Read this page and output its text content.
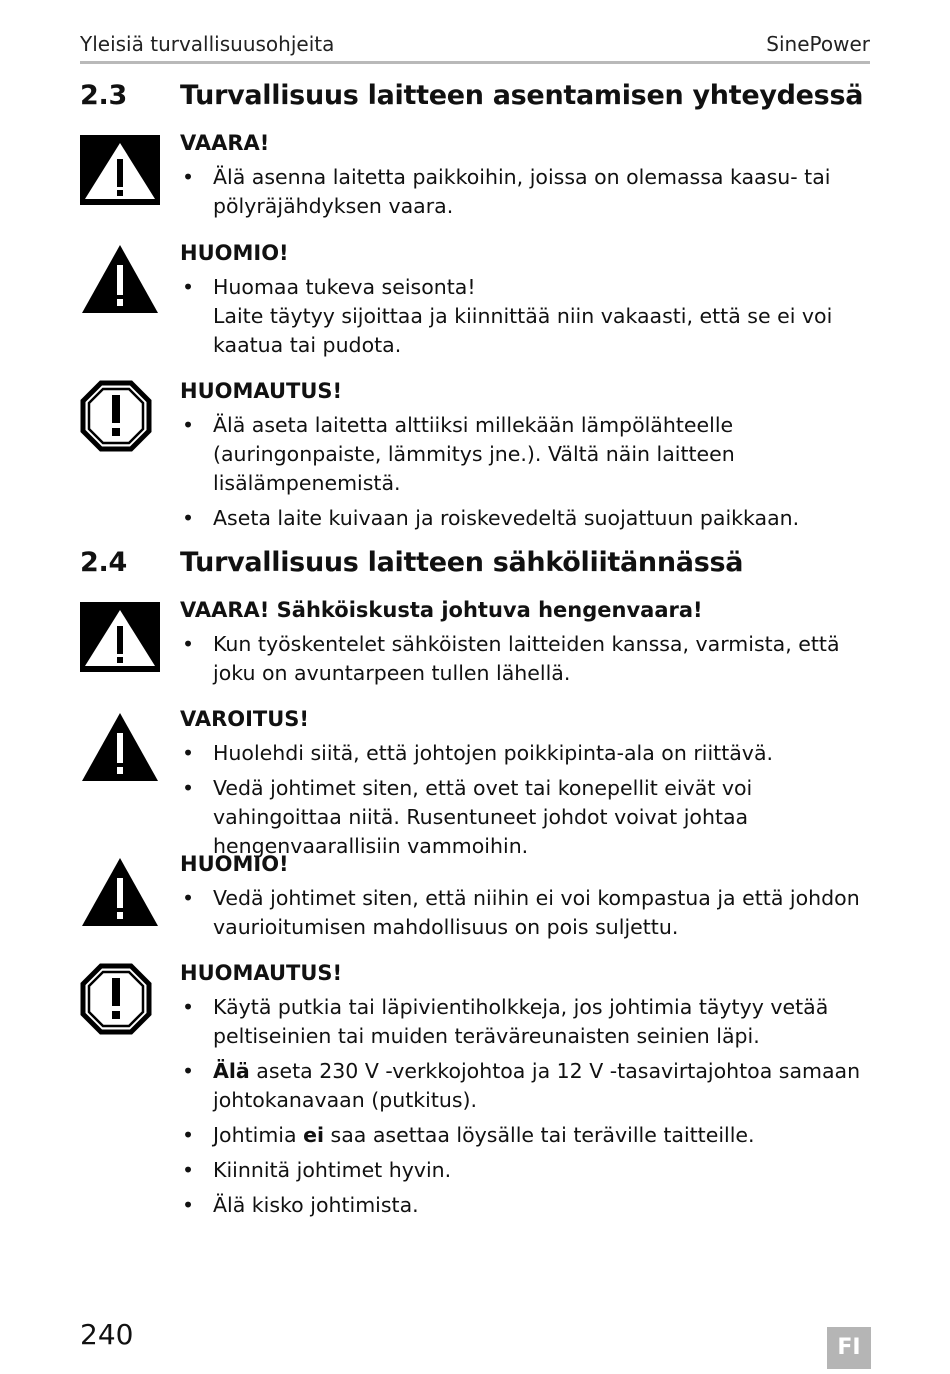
Yleisiä turvallisuusohjeita	SinePower
2.3 Turvallisuus laitteen asentamisen yhteydessä
VAARA!
• Älä asenna laitetta paikkoihin, joissa on olemassa kaasu- tai pölyräjähdyksen vaara.
HUOMIO!
• Huomaa tukeva seisonta!
Laite täytyy sijoittaa ja kiinnittää niin vakaasti, että se ei voi kaatua tai pudota.
HUOMAUTUS!
• Älä aseta laitetta alttiiksi millekään lämpölähteelle (auringonpaiste, lämmitys jne.). Vältä näin laitteen lisälämpenemistä.
• Aseta laite kuivaan ja roiskevedeltä suojattuun paikkaan.
2.4 Turvallisuus laitteen sähköliitännässä
VAARA! Sähköiskusta johtuva hengenvaara!
• Kun työskentelet sähköisten laitteiden kanssa, varmista, että joku on avuntarpeen tullen lähellä.
VAROITUS!
• Huolehdi siitä, että johtojen poikkipinta-ala on riittävä.
• Vedä johtimet siten, että ovet tai konepellit eivät voi vahingoittaa niitä. Rusentuneet johdot voivat johtaa hengenvaarallisiin vammoihin.
HUOMIO!
• Vedä johtimet siten, että niihin ei voi kompastua ja että johdon vaurioitumisen mahdollisuus on pois suljettu.
HUOMAUTUS!
• Käytä putkia tai läpivientiholkkeja, jos johtimia täytyy vetää peltiseinien tai muiden teräväreunaisten seinien läpi.
• Älä aseta 230 V -verkkojohtoa ja 12 V -tasavirtajohtoa samaan johtokanavaan (putkitus).
• Johtimia ei saa asettaa löysälle tai teräville taitteille.
• Kiinnitä johtimet hyvin.
• Älä kisko johtimista.
240	FI
